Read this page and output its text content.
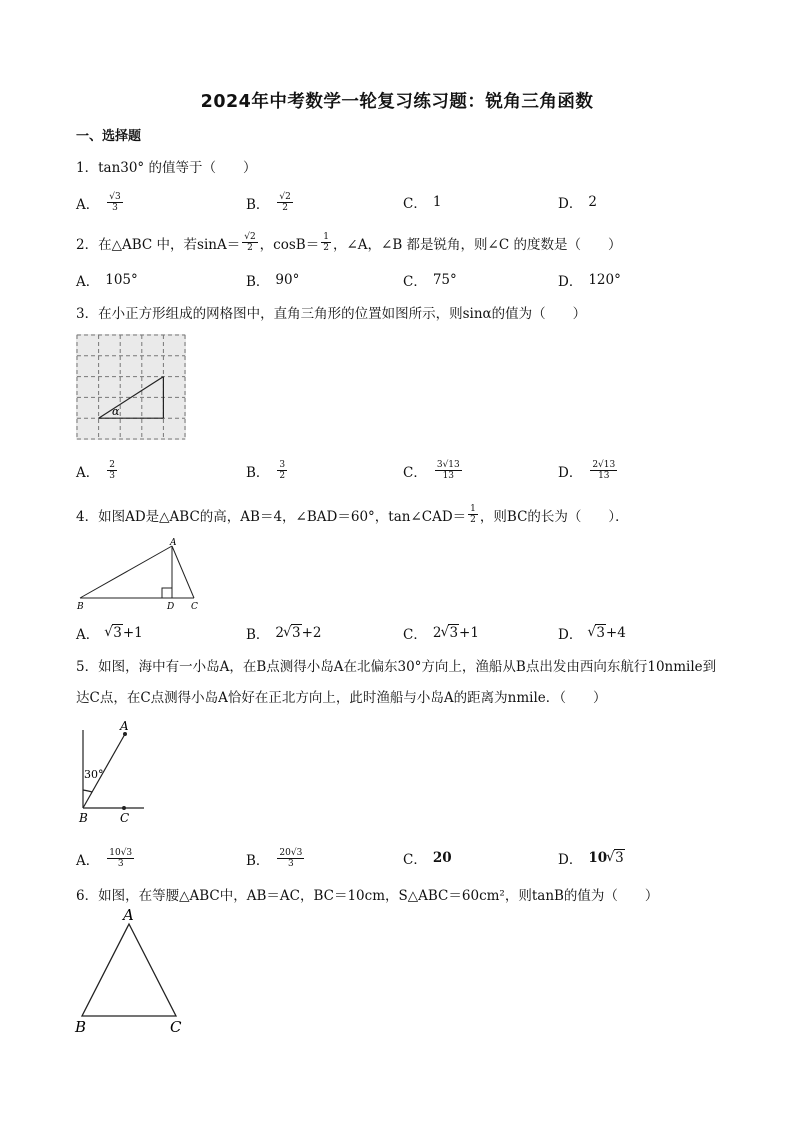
2024年中考数学一轮复习练习题：锐角三角函数
一、选择题
1．tan30° 的值等于（　　）
A． $\frac{√3}{3}$	B． $\frac{√2}{2}$	C． 1	D． 2
2．在△ABC 中，若$\sin A= \frac{√2}{2}$ ，$\cos B= \frac{1}{2}$ ，∠A，∠B 都是锐角，则∠C 的度数是（　　）
A． 105°	B． 90°	C． 75°	D． 120°
3．在小正方形组成的网格图中，直角三角形的位置如图所示，则sinα的值为（　　）
α
A． $\frac{2}{3}$	B． $\frac{3}{2}$	C． $\frac{3√13}{13}$	D． $\frac{2√13}{13}$
4．如图AD是△ABC的高，AB＝4，∠BAD＝60°，tan∠CAD＝ $\frac{1}{2}$ ，则BC的长为（　　）．
A
B	D C
A．	√ 3 +1	B． 2 √ 3 +2	C． 2 √ 3 +1	D．	√ 3 +4
5．如图，海中有一小岛A，在B点测得小岛A在北偏东30°方向上，渔船从B点出发由西向东航行10nmile到
达C点，在C点测得小岛A恰好在正北方向上，此时渔船与小岛A的距离为nmile．（　　）
A
B	C
30°
A． $\frac{10√3}{3}$	B． $\frac{20√3}{3}$	C． 20	D． 10 √ 3
6．如图，在等腰△ABC中，AB＝AC，BC＝10cm，S△ABC＝60cm²，则tanB的值为（　　）
A
B	C
